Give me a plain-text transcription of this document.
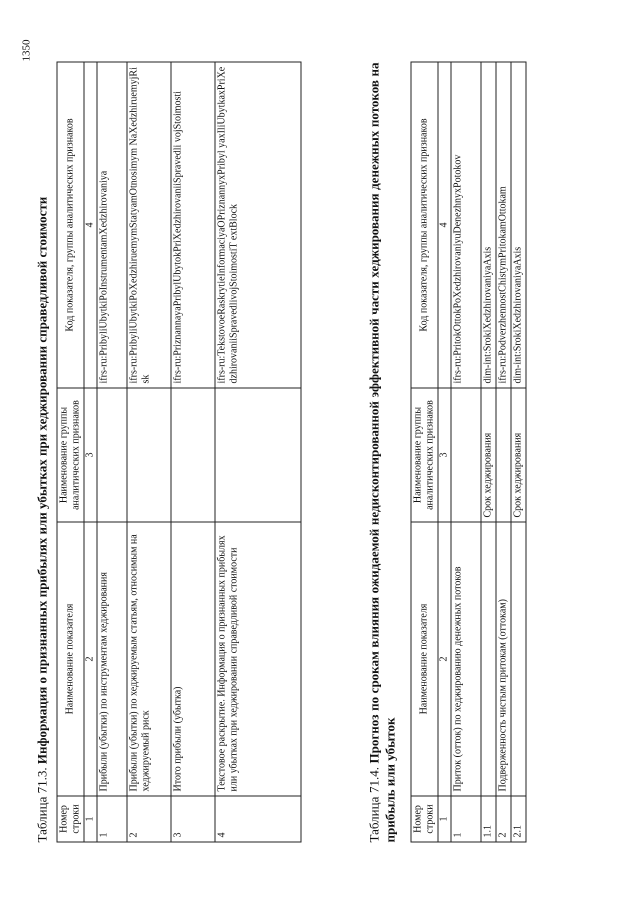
1350
Таблица 71.3. Информация о признанных прибылях или убытках при хеджировании справедливой стоимости
Номер строки	Наименование показателя	Наименование группы аналитических признаков	Код показателя, группы аналитических признаков
1	2	3	4
1	Прибыли (убытки) по инструментам хеджирования		ifrs-ru:PribyliUbytkiPoInstrumentamXedzhirovaniya
2	Прибыли (убытки) по хеджируемым статьям, относимым на хеджируемый риск		ifrs-ru:PribyliUbytkiPoXedzhiruemymStatyamOtnosimym NaXedzhiruemyjRisk
3	Итого прибыли (убытка)		ifrs-ru:PriznannayaPribylUbytokPriXedzhirovaniiSpravedli vojStoimosti
4	Текстовое раскрытие. Информация о признанных прибылях или убытках при хеджировании справедливой стоимости		ifrs-ru:TekstovoeRaskrytieInformaciyaOPriznannyxPribyl yaxIliUbytkaxPriXedzhirovaniiSpravedlivojStoimostiT extBlock
Таблица 71.4. Прогноз по срокам влияния ожидаемой недисконтированной эффективной части хеджирования денежных потоков на прибыль или убыток Номер строки	Наименование показателя	Наименование группы аналитических признаков	Код показателя, группы аналитических признаков
1	2	3	4
1	Приток (отток) по хеджированию денежных потоков		ifrs-ru:PritokOttokPoXedzhirovaniyuDenezhnyxPotokov
1.1		Срок хеджирования	dim-int:SrokiXedzhirovaniyaAxis
2	Подверженность чистым притокам (оттокам)		ifrs-ru:PodverzhennostChistymPritokamOttokam
2.1		Срок хеджирования	dim-int:SrokiXedzhirovaniyaAxis
